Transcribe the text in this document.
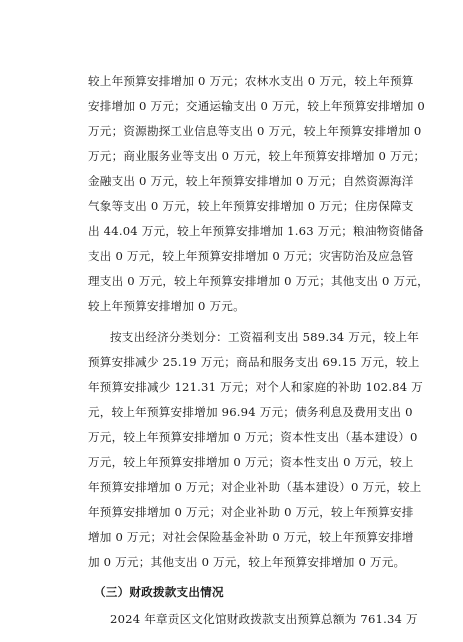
较上年预算安排增加 0 万元；农林水支出 0 万元，较上年预算
安排增加 0 万元；交通运输支出 0 万元，较上年预算安排增加 0
万元；资源勘探工业信息等支出 0 万元，较上年预算安排增加 0
万元；商业服务业等支出 0 万元，较上年预算安排增加 0 万元；
金融支出 0 万元，较上年预算安排增加 0 万元；自然资源海洋
气象等支出 0 万元，较上年预算安排增加 0 万元；住房保障支
出 44.04 万元，较上年预算安排增加 1.63 万元；粮油物资储备
支出 0 万元，较上年预算安排增加 0 万元；灾害防治及应急管
理支出 0 万元，较上年预算安排增加 0 万元；其他支出 0 万元，
较上年预算安排增加 0 万元。
按支出经济分类划分：工资福利支出 589.34 万元，较上年
预算安排减少 25.19 万元；商品和服务支出 69.15 万元，较上
年预算安排减少 121.31 万元；对个人和家庭的补助 102.84 万
元，较上年预算安排增加 96.94 万元；债务利息及费用支出 0
万元，较上年预算安排增加 0 万元；资本性支出（基本建设）0
万元，较上年预算安排增加 0 万元；资本性支出 0 万元，较上
年预算安排增加 0 万元；对企业补助（基本建设）0 万元，较上
年预算安排增加 0 万元；对企业补助 0 万元，较上年预算安排
增加 0 万元；对社会保险基金补助 0 万元，较上年预算安排增
加 0 万元；其他支出 0 万元，较上年预算安排增加 0 万元。
（三）财政拨款支出情况
2024 年章贡区文化馆财政拨款支出预算总额为 761.34 万
